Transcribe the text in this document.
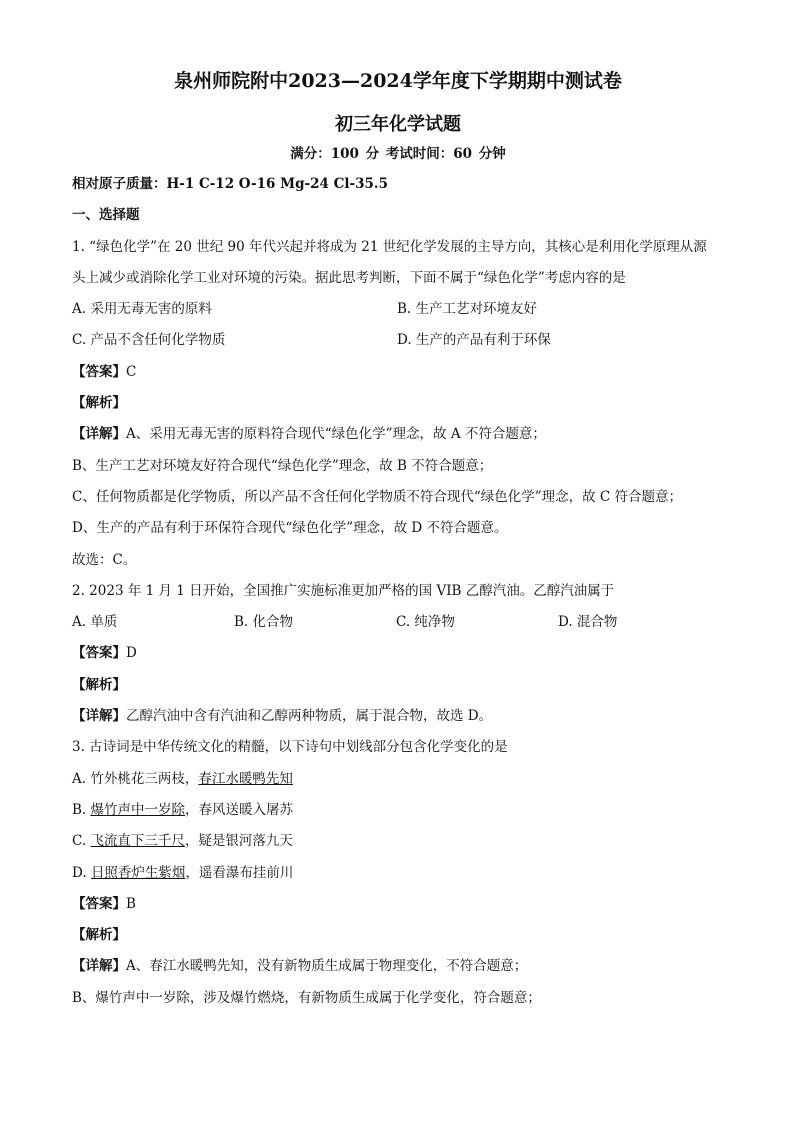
泉州师院附中2023—2024学年度下学期期中测试卷
初三年化学试题
满分：100 分 考试时间：60 分钟
相对原子质量：H-1 C-12 O-16 Mg-24 Cl-35.5
一、选择题
1. “绿色化学”在 20 世纪 90 年代兴起并将成为 21 世纪化学发展的主导方向，其核心是利用化学原理从源
头上减少或消除化学工业对环境的污染。据此思考判断，下面不属于“绿色化学”考虑内容的是
A. 采用无毒无害的原料	B. 生产工艺对环境友好
C. 产品不含任何化学物质	D. 生产的产品有利于环保
【答案】C
【解析】
【详解】A、采用无毒无害的原料符合现代“绿色化学”理念，故 A 不符合题意；
B、生产工艺对环境友好符合现代“绿色化学”理念，故 B 不符合题意；
C、任何物质都是化学物质，所以产品不含任何化学物质不符合现代“绿色化学”理念，故 C 符合题意；
D、生产的产品有利于环保符合现代“绿色化学”理念，故 D 不符合题意。
故选：C。
2. 2023 年 1 月 1 日开始，全国推广实施标准更加严格的国 VIB 乙醇汽油。乙醇汽油属于
A. 单质	B. 化合物	C. 纯净物	D. 混合物
【答案】D
【解析】
【详解】乙醇汽油中含有汽油和乙醇两种物质，属于混合物，故选 D。
3. 古诗词是中华传统文化的精髓，以下诗句中划线部分包含化学变化的是
A. 竹外桃花三两枝，春江水暖鸭先知
B. 爆竹声中一岁除，春风送暖入屠苏
C. 飞流直下三千尺，疑是银河落九天
D. 日照香炉生紫烟，遥看瀑布挂前川
【答案】B
【解析】
【详解】A、春江水暖鸭先知，没有新物质生成属于物理变化，不符合题意；
B、爆竹声中一岁除，涉及爆竹燃烧，有新物质生成属于化学变化，符合题意；
